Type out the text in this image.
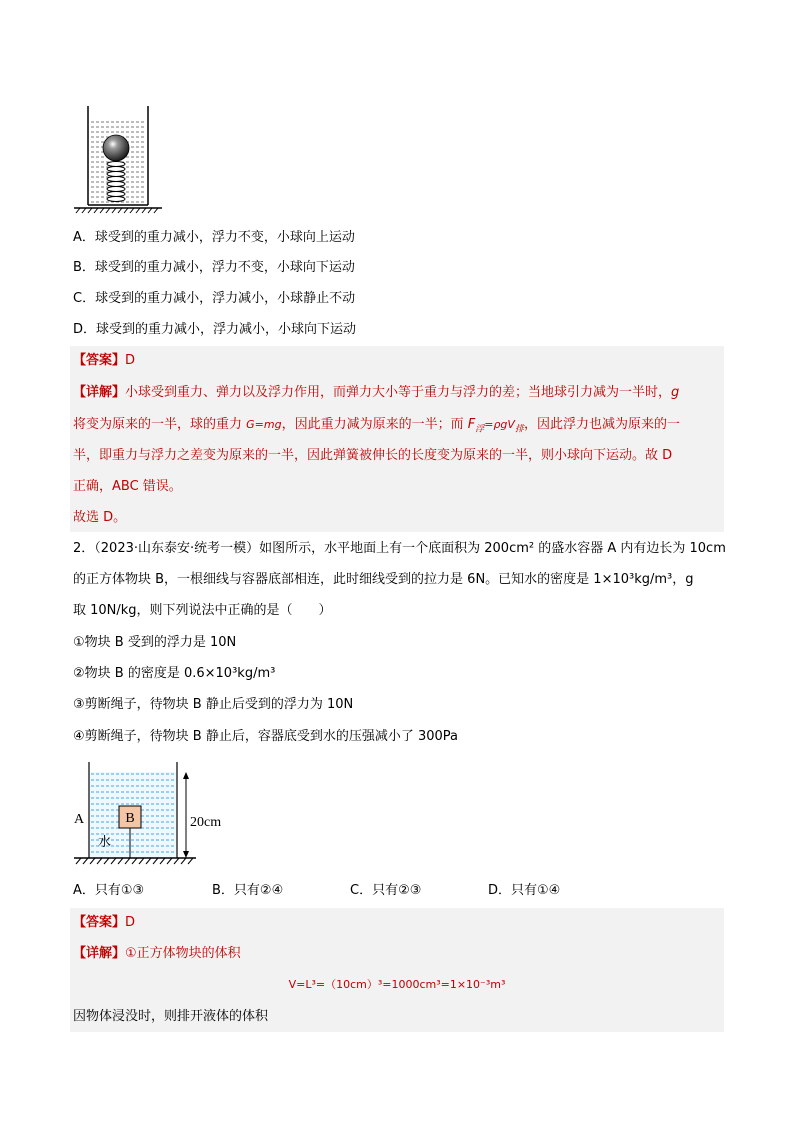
A．球受到的重力减小，浮力不变，小球向上运动
B．球受到的重力减小，浮力不变，小球向下运动
C．球受到的重力减小，浮力减小，小球静止不动
D．球受到的重力减小，浮力减小，小球向下运动
【答案】D
【详解】小球受到重力、弹力以及浮力作用，而弹力大小等于重力与浮力的差；当地球引力减为一半时，g
将变为原来的一半，球的重力 G=mg，因此重力减为原来的一半；而 $F_浮=\rho gV_排$，因此浮力也减为原来的一
半，即重力与浮力之差变为原来的一半，因此弹簧被伸长的长度变为原来的一半，则小球向下运动。故 D
正确，ABC 错误。
故选 D。
2．（2023·山东泰安·统考一模）如图所示，水平地面上有一个底面积为 200cm² 的盛水容器 A 内有边长为 10cm
的正方体物块 B，一根细线与容器底部相连，此时细线受到的拉力是 6N。已知水的密度是 1×10³kg/m³，g
取 10N/kg，则下列说法中正确的是（　　）
①物块 B 受到的浮力是 10N
②物块 B 的密度是 0.6×10³kg/m³
③剪断绳子，待物块 B 静止后受到的浮力为 10N
④剪断绳子，待物块 B 静止后，容器底受到水的压强减小了 300Pa
B
A
水
20cm
A．只有①③	B．只有②④	C．只有②③	D．只有①④
【答案】D
【详解】①正方体物块的体积
V=L³=（10cm）³=1000cm³=1×10⁻³m³
因物体浸没时，则排开液体的体积
